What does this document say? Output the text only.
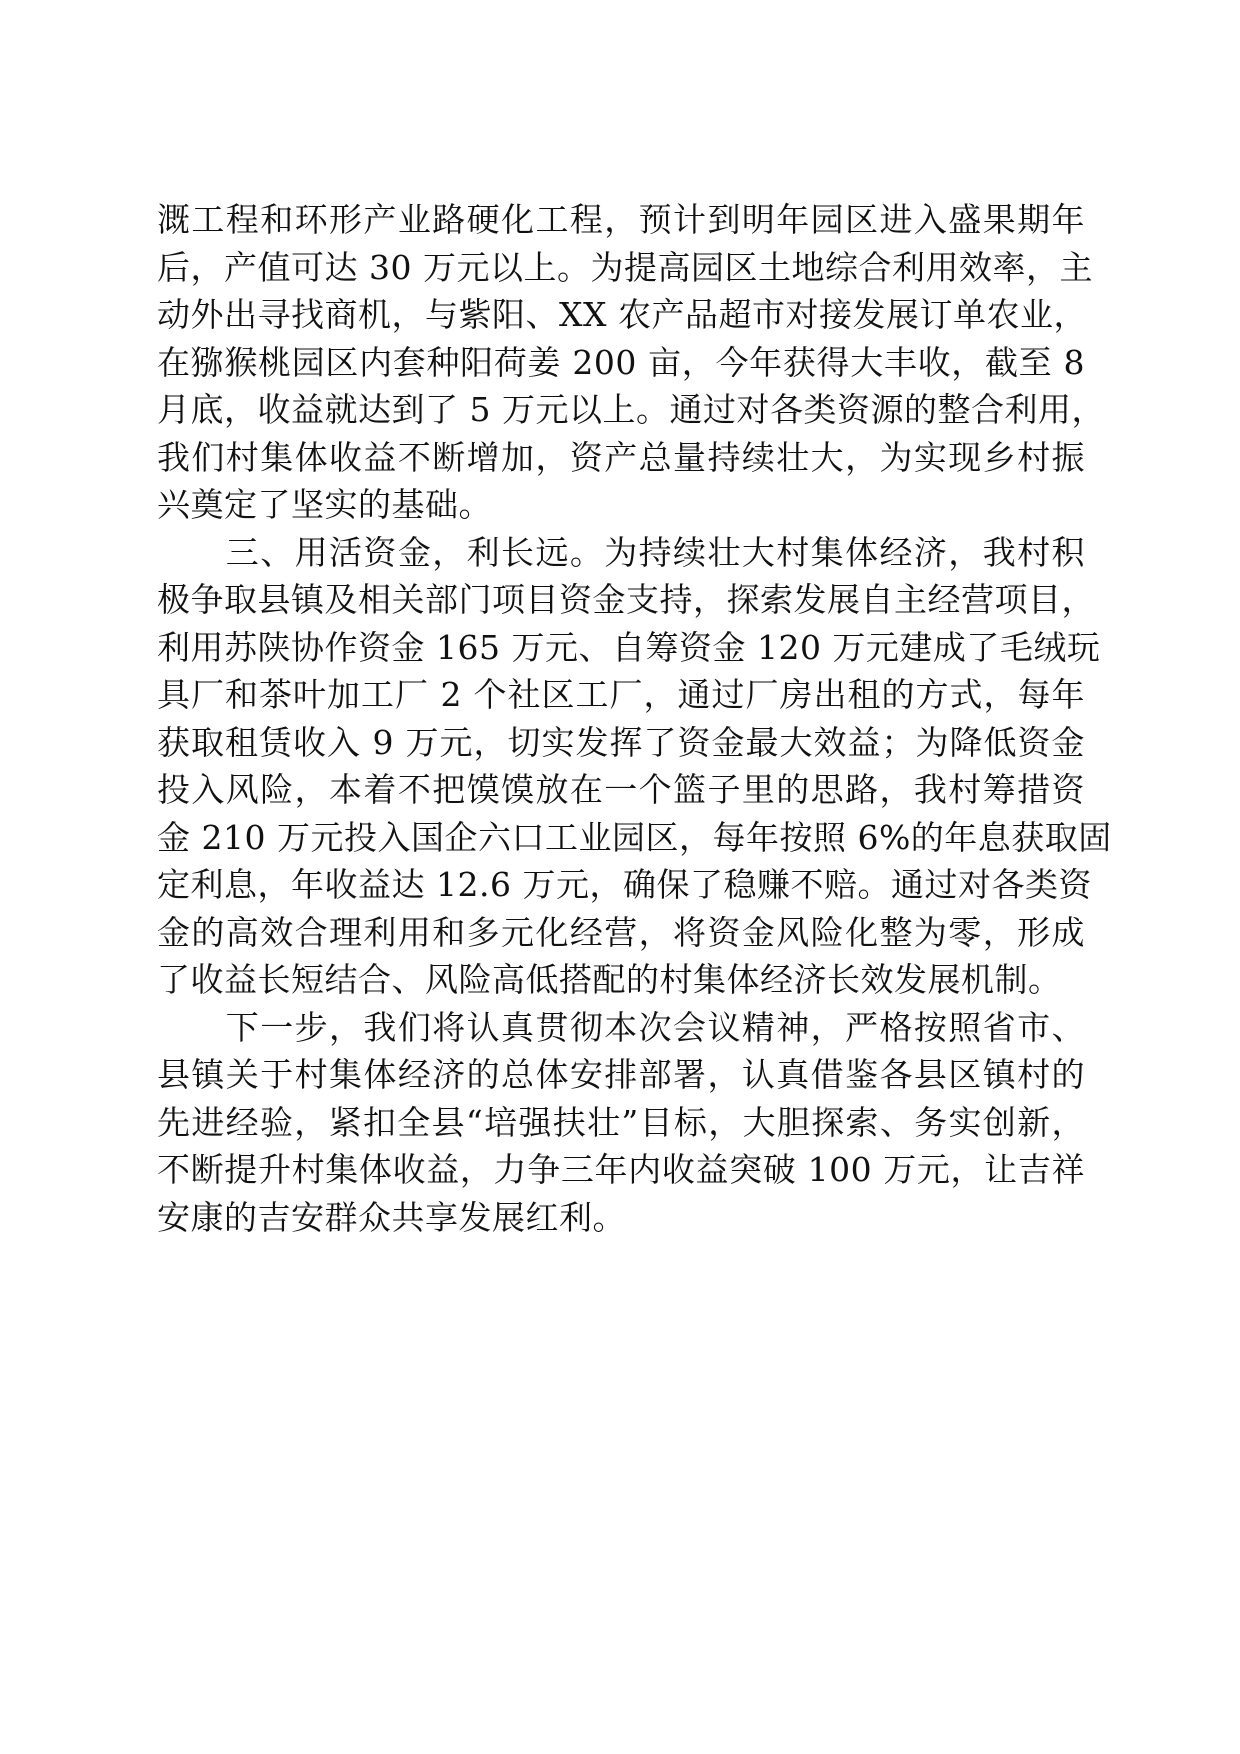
溉工程和环形产业路硬化工程，预计到明年园区进入盛果期年
后，产值可达 30 万元以上。为提高园区土地综合利用效率，主
动外出寻找商机，与紫阳、XX 农产品超市对接发展订单农业，
在猕猴桃园区内套种阳荷姜 200 亩，今年获得大丰收，截至 8
月底，收益就达到了 5 万元以上。通过对各类资源的整合利用，
我们村集体收益不断增加，资产总量持续壮大，为实现乡村振
兴奠定了坚实的基础。
　　三、用活资金，利长远。为持续壮大村集体经济，我村积
极争取县镇及相关部门项目资金支持，探索发展自主经营项目，
利用苏陕协作资金 165 万元、自筹资金 120 万元建成了毛绒玩
具厂和茶叶加工厂 2 个社区工厂，通过厂房出租的方式，每年
获取租赁收入 9 万元，切实发挥了资金最大效益；为降低资金
投入风险，本着不把馍馍放在一个篮子里的思路，我村筹措资
金 210 万元投入国企六口工业园区，每年按照 6%的年息获取固
定利息，年收益达 12.6 万元，确保了稳赚不赔。通过对各类资
金的高效合理利用和多元化经营，将资金风险化整为零，形成
了收益长短结合、风险高低搭配的村集体经济长效发展机制。
　　下一步，我们将认真贯彻本次会议精神，严格按照省市、
县镇关于村集体经济的总体安排部署，认真借鉴各县区镇村的
先进经验，紧扣全县“培强扶壮”目标，大胆探索、务实创新，
不断提升村集体收益，力争三年内收益突破 100 万元，让吉祥
安康的吉安群众共享发展红利。
